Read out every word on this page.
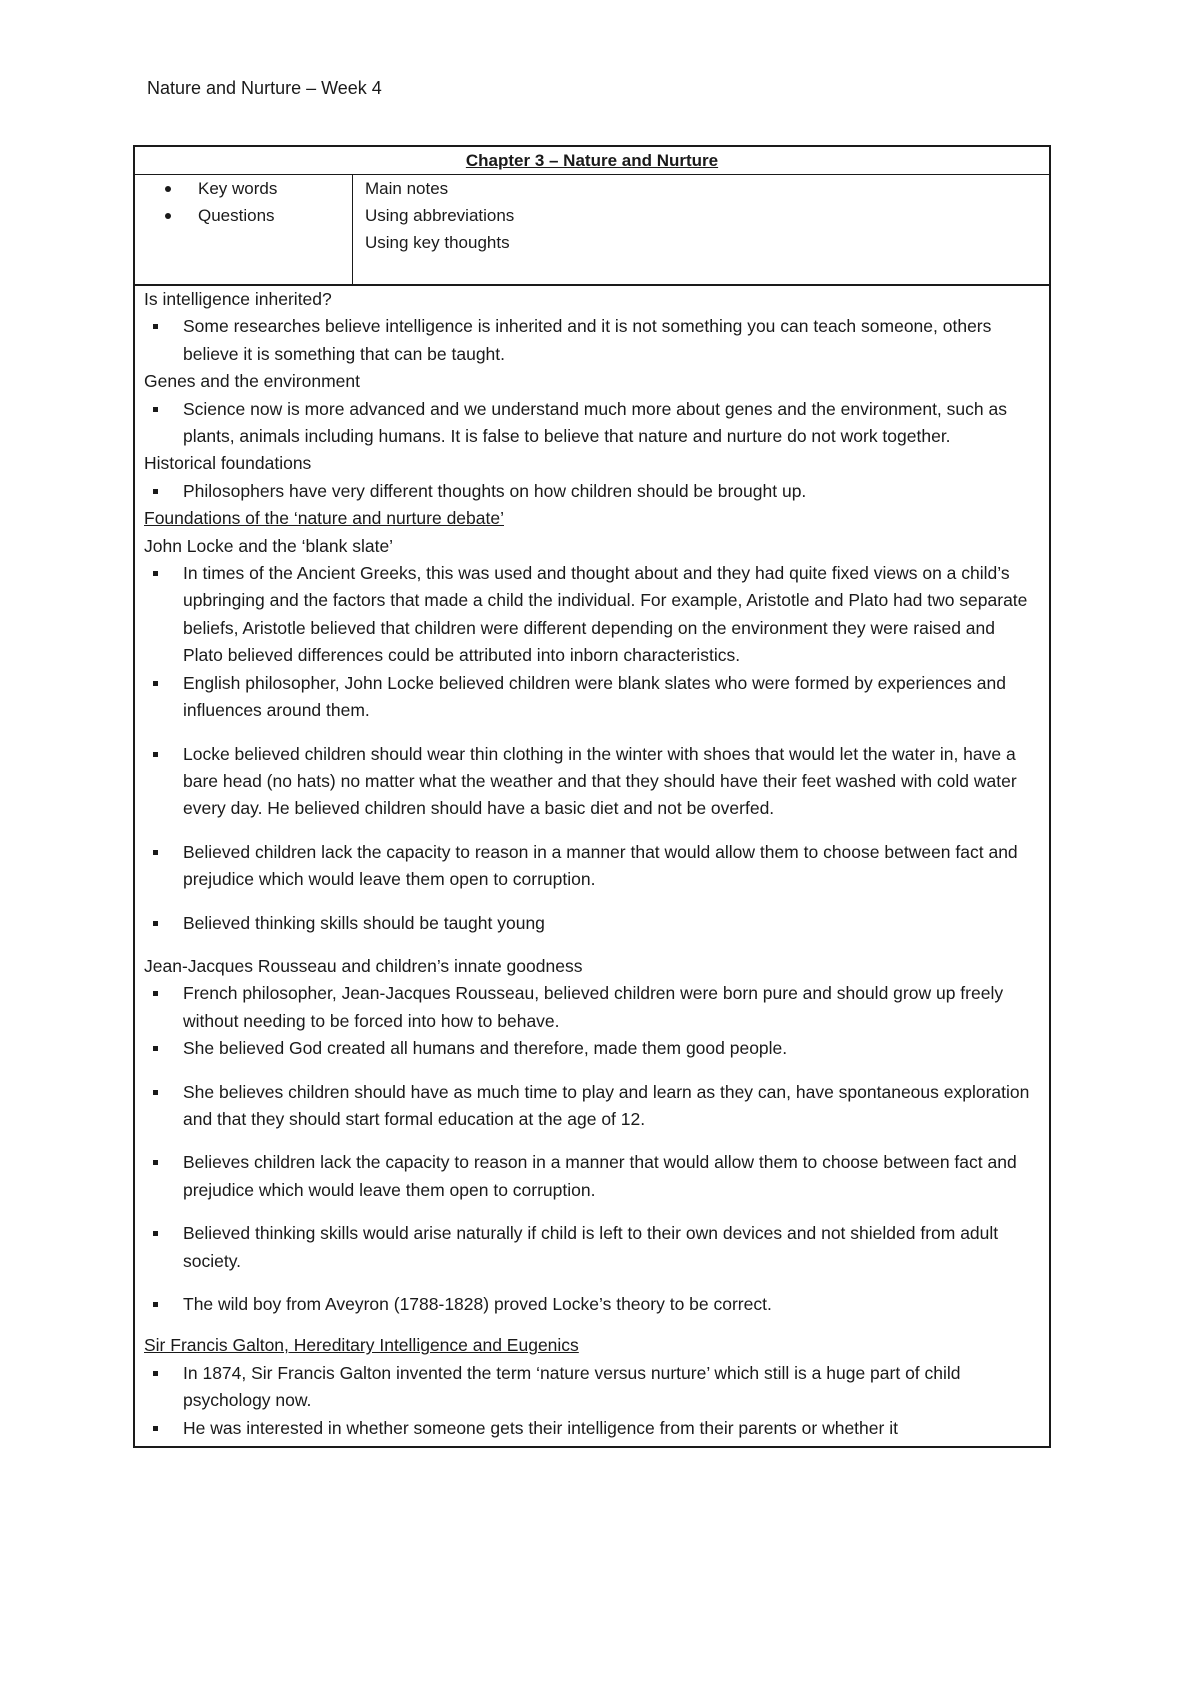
Nature and Nurture – Week 4
Chapter 3 – Nature and Nurture
Key words
Questions
Main notes
Using abbreviations
Using key thoughts
Is intelligence inherited?
Some researches believe intelligence is inherited and it is not something you can teach someone, others believe it is something that can be taught.
Genes and the environment
Science now is more advanced and we understand much more about genes and the environment, such as plants, animals including humans. It is false to believe that nature and nurture do not work together.
Historical foundations
Philosophers have very different thoughts on how children should be brought up.
Foundations of the ‘nature and nurture debate’
John Locke and the ‘blank slate’
In times of the Ancient Greeks, this was used and thought about and they had quite fixed views on a child’s upbringing and the factors that made a child the individual. For example, Aristotle and Plato had two separate beliefs, Aristotle believed that children were different depending on the environment they were raised and Plato believed differences could be attributed into inborn characteristics.
English philosopher, John Locke believed children were blank slates who were formed by experiences and influences around them.
Locke believed children should wear thin clothing in the winter with shoes that would let the water in, have a bare head (no hats) no matter what the weather and that they should have their feet washed with cold water every day. He believed children should have a basic diet and not be overfed.
Believed children lack the capacity to reason in a manner that would allow them to choose between fact and prejudice which would leave them open to corruption.
Believed thinking skills should be taught young
Jean-Jacques Rousseau and children’s innate goodness
French philosopher, Jean-Jacques Rousseau, believed children were born pure and should grow up freely without needing to be forced into how to behave.
She believed God created all humans and therefore, made them good people.
She believes children should have as much time to play and learn as they can, have spontaneous exploration and that they should start formal education at the age of 12.
Believes children lack the capacity to reason in a manner that would allow them to choose between fact and prejudice which would leave them open to corruption.
Believed thinking skills would arise naturally if child is left to their own devices and not shielded from adult society.
The wild boy from Aveyron (1788-1828) proved Locke’s theory to be correct.
Sir Francis Galton, Hereditary Intelligence and Eugenics
In 1874, Sir Francis Galton invented the term ‘nature versus nurture’ which still is a huge part of child psychology now.
He was interested in whether someone gets their intelligence from their parents or whether it
